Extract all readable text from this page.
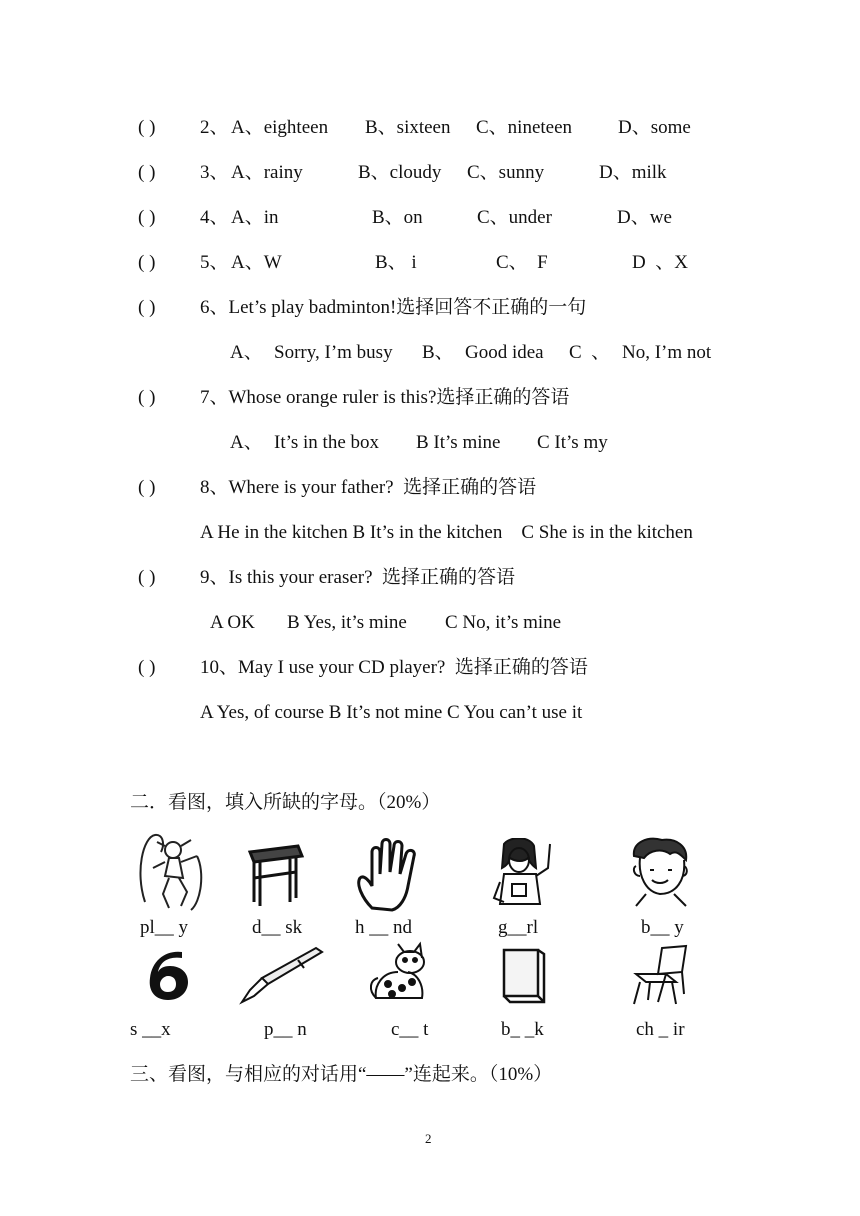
( ) 2、 A、eighteen B、sixteen C、nineteen D、some
( ) 3、 A、rainy	B、cloudy C、sunny	D、milk
( ) 4、 A、in	B、on	C、under	D、we
( ) 5、 A、W	B、 i	C、  F	D  、X
( ) 6、Let’s play badminton!选择回答不正确的一句
A、 Sorry, I’m busy B、 Good idea C  、 No, I’m not
( ) 7、Whose orange ruler is this?选择正确的答语
A、 It’s in the box B It’s mine C It’s my
( ) 8、Where is your father?  选择正确的答语
A He in the kitchen B It’s in the kitchen    C She is in the kitchen
( ) 9、Is this your eraser?  选择正确的答语
A OK B Yes, it’s mine C No, it’s mine
( ) 10、May I use your CD player?  选择正确的答语
A Yes, of course B It’s not mine C You can’t use it
二．看图，填入所缺的字母。（20%）
pl__ y	d__ sk	h __ nd	g__rl	b__ y
s __x	p__ n	c__ t	b_ _k	ch _ ir
三、看图，与相应的对话用“——”连起来。（10%）
2
